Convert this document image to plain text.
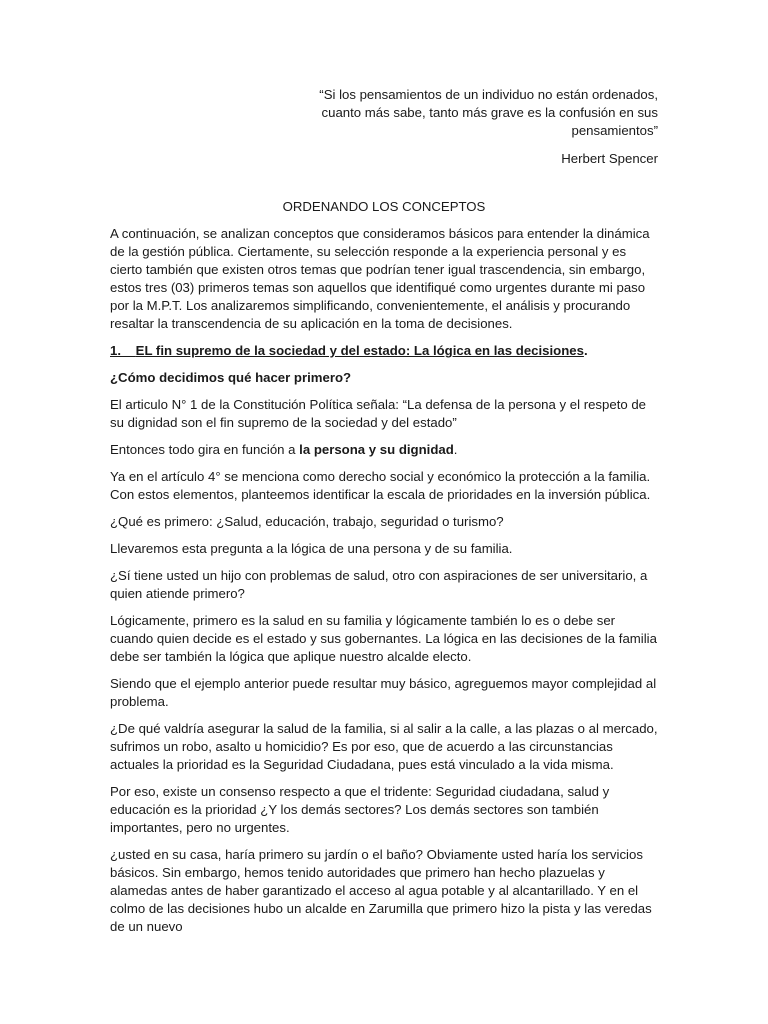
“Si los pensamientos de un individuo no están ordenados,
cuanto más sabe, tanto más grave es la confusión en sus
pensamientos”
Herbert Spencer
ORDENANDO LOS CONCEPTOS

A continuación, se analizan conceptos que consideramos básicos para entender la dinámica de la gestión pública. Ciertamente, su selección responde a la experiencia personal y es cierto también que existen otros temas que podrían tener igual trascendencia, sin embargo, estos tres (03) primeros temas son aquellos que identifiqué como urgentes durante mi paso por la M.P.T. Los analizaremos simplificando, convenientemente, el análisis y procurando resaltar la transcendencia de su aplicación en la toma de decisiones.

1. EL fin supremo de la sociedad y del estado: La lógica en las decisiones.

¿Cómo decidimos qué hacer primero?

El articulo N° 1 de la Constitución Política señala: “La defensa de la persona y el respeto de su dignidad son el fin supremo de la sociedad y del estado”

Entonces todo gira en función a la persona y su dignidad.

Ya en el artículo 4° se menciona como derecho social y económico la protección a la familia. Con estos elementos, planteemos identificar la escala de prioridades en la inversión pública.

¿Qué es primero: ¿Salud, educación, trabajo, seguridad o turismo?

Llevaremos esta pregunta a la lógica de una persona y de su familia.

¿Sí tiene usted un hijo con problemas de salud, otro con aspiraciones de ser universitario, a quien atiende primero?

Lógicamente, primero es la salud en su familia y lógicamente también lo es o debe ser cuando quien decide es el estado y sus gobernantes. La lógica en las decisiones de la familia debe ser también la lógica que aplique nuestro alcalde electo.

Siendo que el ejemplo anterior puede resultar muy básico, agreguemos mayor complejidad al problema.

¿De qué valdría asegurar la salud de la familia, si al salir a la calle, a las plazas o al mercado, sufrimos un robo, asalto u homicidio? Es por eso, que de acuerdo a las circunstancias actuales la prioridad es la Seguridad Ciudadana, pues está vinculado a la vida misma.

Por eso, existe un consenso respecto a que el tridente: Seguridad ciudadana, salud y educación es la prioridad ¿Y los demás sectores? Los demás sectores son también importantes, pero no urgentes.

¿usted en su casa, haría primero su jardín o el baño? Obviamente usted haría los servicios básicos. Sin embargo, hemos tenido autoridades que primero han hecho plazuelas y alamedas antes de haber garantizado el acceso al agua potable y al alcantarillado. Y en el colmo de las decisiones hubo un alcalde en Zarumilla que primero hizo la pista y las veredas de un nuevo
